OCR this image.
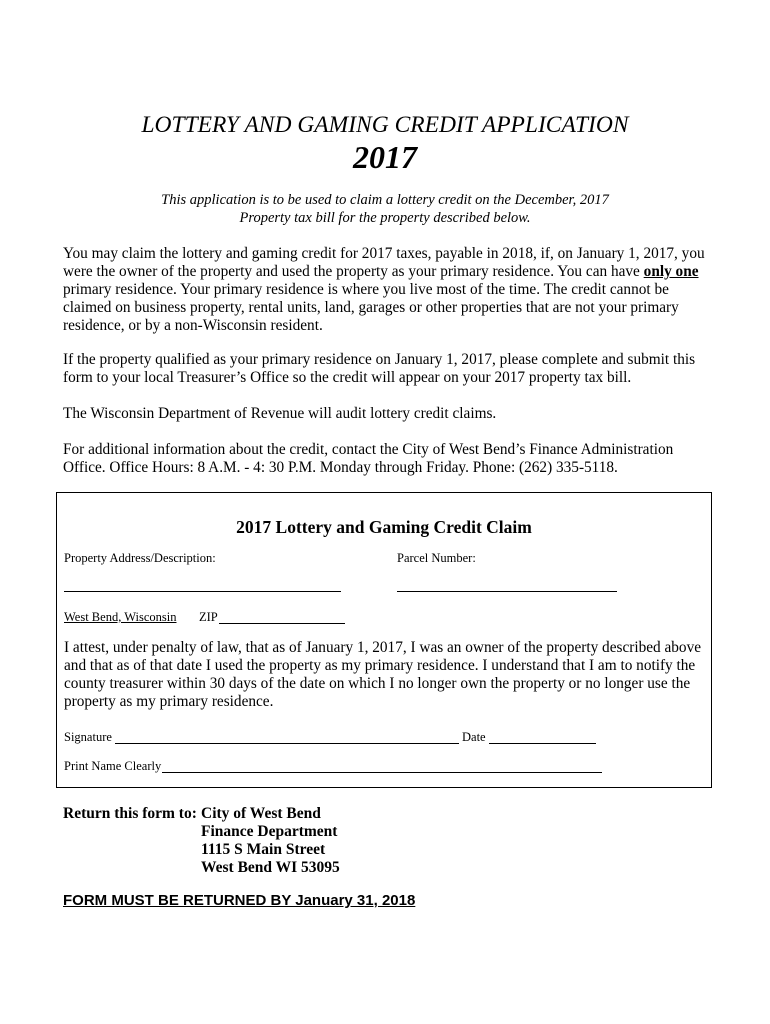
LOTTERY AND GAMING CREDIT APPLICATION
2017
This application is to be used to claim a lottery credit on the December, 2017
Property tax bill for the property described below.

You may claim the lottery and gaming credit for 2017 taxes, payable in 2018, if, on January 1, 2017, you were the owner of the property and used the property as your primary residence. You can have only one primary residence. Your primary residence is where you live most of the time. The credit cannot be claimed on business property, rental units, land, garages or other properties that are not your primary residence, or by a non-Wisconsin resident.

If the property qualified as your primary residence on January 1, 2017, please complete and submit this form to your local Treasurer’s Office so the credit will appear on your 2017 property tax bill.
The Wisconsin Department of Revenue will audit lottery credit claims.
For additional information about the credit, contact the City of West Bend’s Finance Administration Office. Office Hours: 8 A.M. - 4: 30 P.M. Monday through Friday. Phone: (262) 335-5118.
2017 Lottery and Gaming Credit Claim
Property Address/Description:	Parcel Number:
West Bend, Wisconsin ZIP
I attest, under penalty of law, that as of January 1, 2017, I was an owner of the property described above and that as of that date I used the property as my primary residence. I understand that I am to notify the county treasurer within 30 days of the date on which I no longer own the property or no longer use the property as my primary residence.
Signature	Date
Print Name Clearly
Return this form to: City of West Bend
Finance Department
1115 S Main Street
West Bend WI 53095
FORM MUST BE RETURNED BY January 31, 2018
